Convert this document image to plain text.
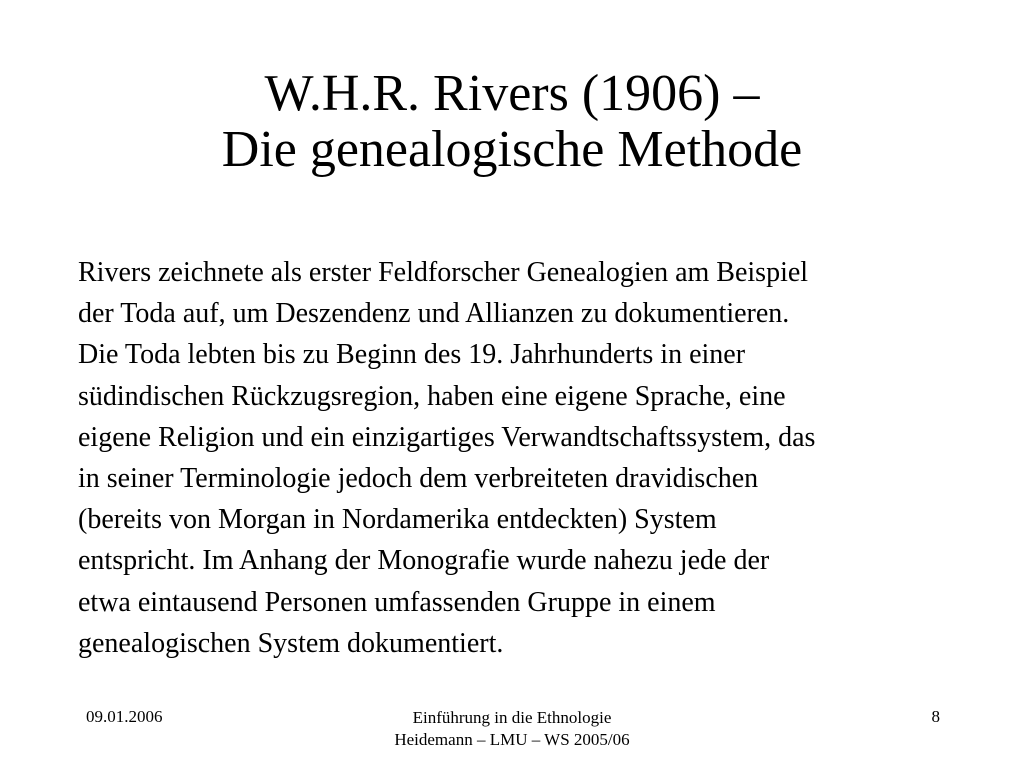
W.H.R. Rivers (1906) –
Die genealogische Methode

Rivers zeichnete als erster Feldforscher Genealogien am Beispiel
der Toda auf, um Deszendenz und Allianzen zu dokumentieren.
Die Toda lebten bis zu Beginn des 19. Jahrhunderts in einer
südindischen Rückzugsregion, haben eine eigene Sprache, eine
eigene Religion und ein einzigartiges Verwandtschaftssystem, das
in seiner Terminologie jedoch dem verbreiteten dravidischen
(bereits von Morgan in Nordamerika entdeckten) System
entspricht. Im Anhang der Monografie wurde nahezu jede der
etwa eintausend Personen umfassenden Gruppe in einem
genealogischen System dokumentiert.

09.01.2006	Einführung in die Ethnologie
Heidemann – LMU – WS 2005/06
8
